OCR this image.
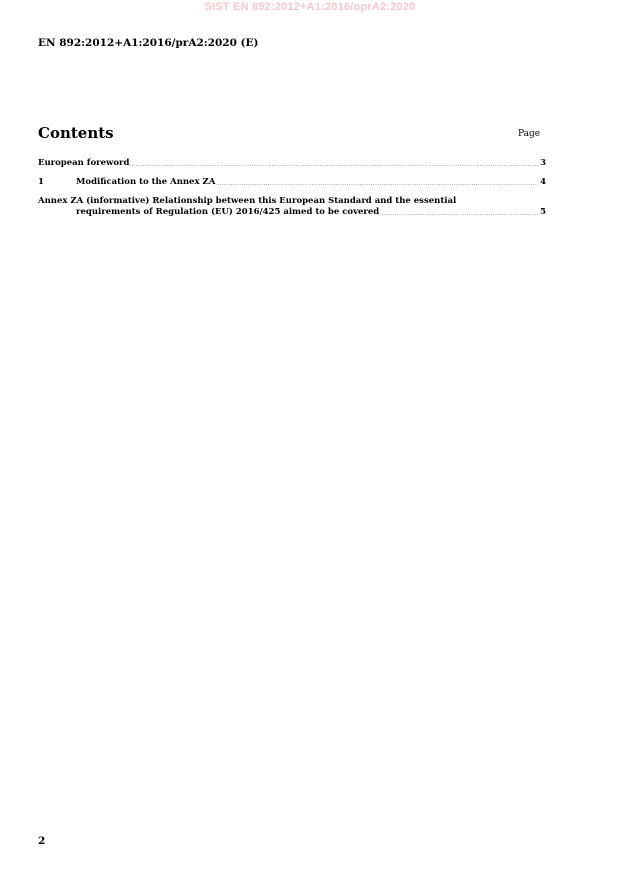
SIST EN 892:2012+A1:2016/oprA2:2020
EN 892:2012+A1:2016/prA2:2020 (E)
Contents	Page
European foreword .....	3
1	Modification to the Annex ZA .....	4
Annex ZA (informative) Relationship between this European Standard and the essential
requirements of Regulation (EU) 2016/425 aimed to be covered .....	5
2
